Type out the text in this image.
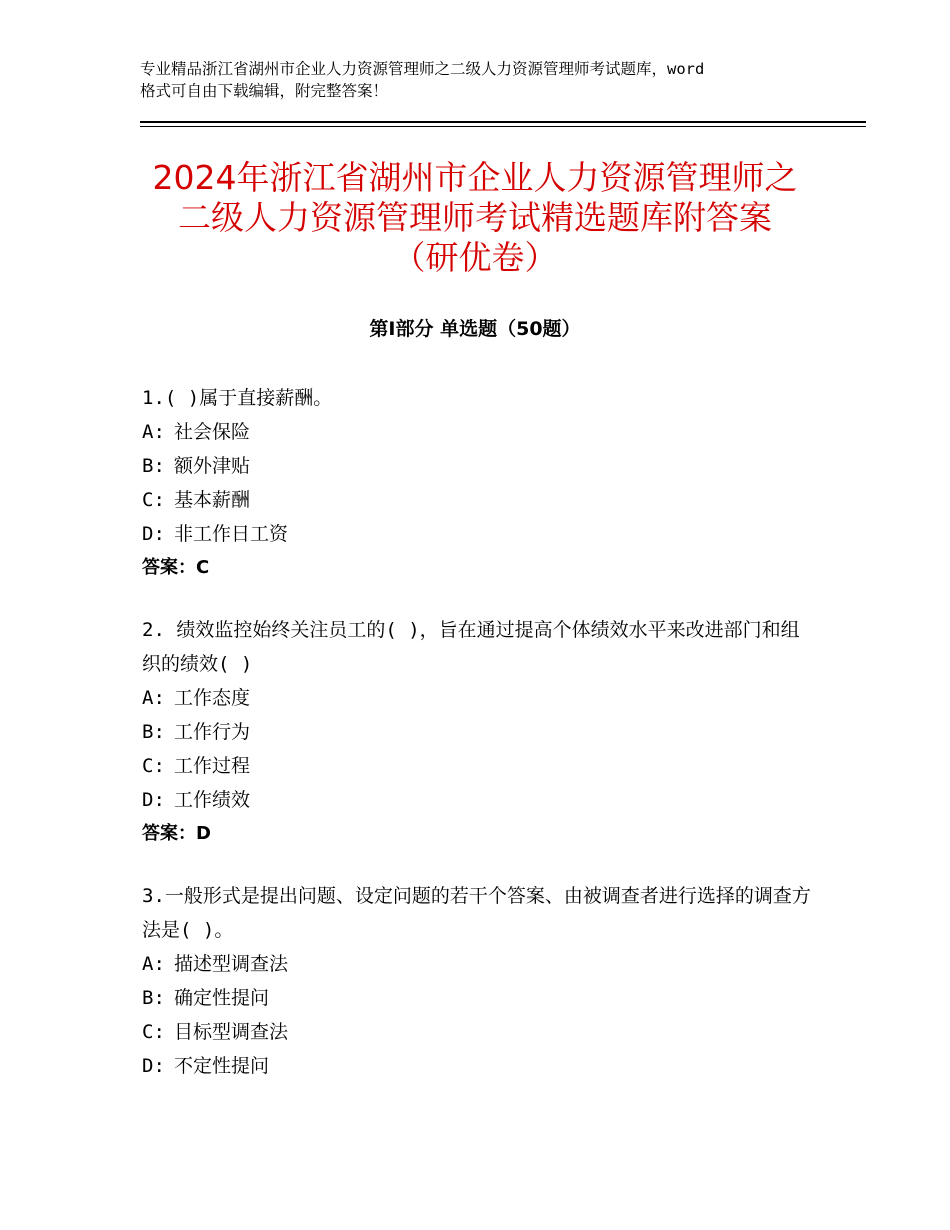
专业精品浙江省湖州市企业人力资源管理师之二级人力资源管理师考试题库，word
格式可自由下载编辑，附完整答案！
2024年浙江省湖州市企业人力资源管理师之
二级人力资源管理师考试精选题库附答案
（研优卷）
第Ⅰ部分 单选题（50题）
1.( )属于直接薪酬。
A: 社会保险
B: 额外津贴
C: 基本薪酬
D: 非工作日工资
答案：C
2. 绩效监控始终关注员工的( )，旨在通过提高个体绩效水平来改进部门和组织的绩效( )
A: 工作态度
B: 工作行为
C: 工作过程
D: 工作绩效
答案：D
3.一般形式是提出问题、设定问题的若干个答案、由被调查者进行选择的调查方法是( )。
A: 描述型调查法
B: 确定性提问
C: 目标型调查法
D: 不定性提问
